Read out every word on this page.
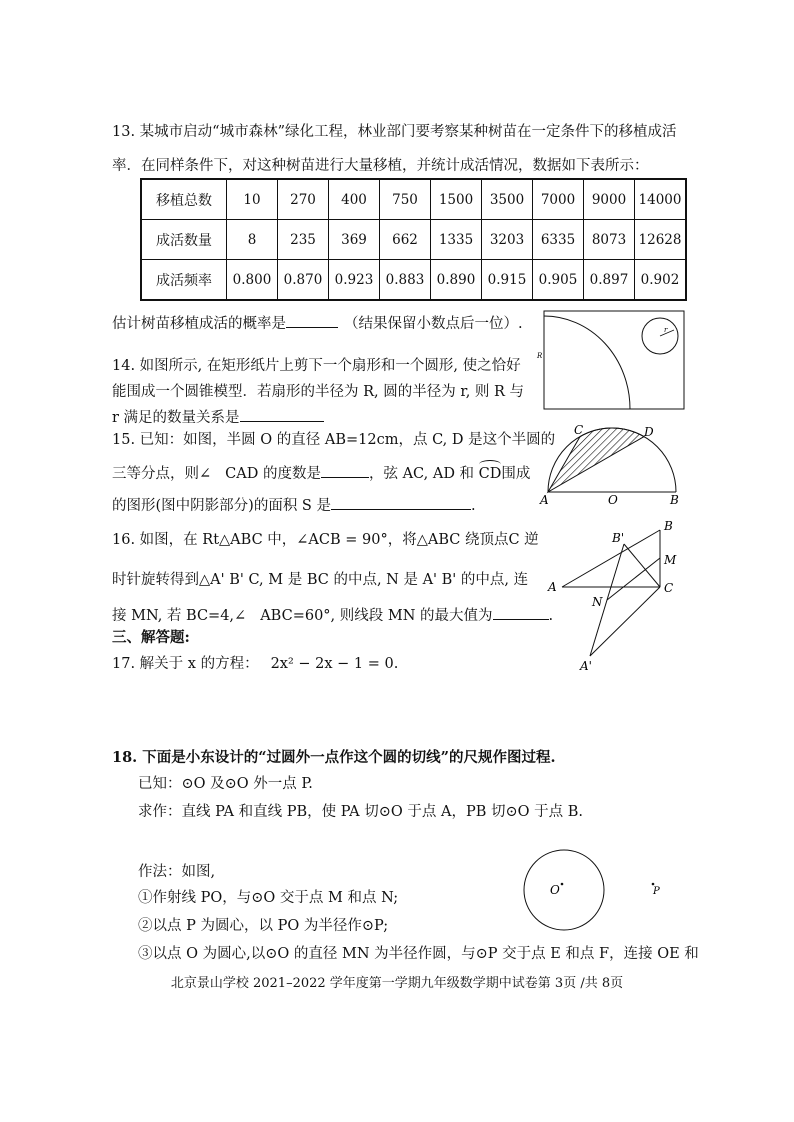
13. 某城市启动“城市森林”绿化工程，林业部门要考察某种树苗在一定条件下的移植成活
率．在同样条件下，对这种树苗进行大量移植，并统计成活情况，数据如下表所示：
移植总数	10	270	400	750	1500	3500	7000	9000	14000
成活数量	8	235	369	662	1335	3203	6335	8073	12628
成活频率	0.800	0.870	0.923	0.883	0.890	0.915	0.905	0.897	0.902
估计树苗移植成活的概率是	（结果保留小数点后一位）.	r
R
14. 如图所示, 在矩形纸片上剪下一个扇形和一个圆形, 使之恰好
能围成一个圆锥模型．若扇形的半径为 R, 圆的半径为 r, 则 R 与
r 满足的数量关系是
C	D
A	O	B
15. 已知：如图，半圆 O 的直径 AB=12cm，点 C, D 是这个半圆的
三等分点，则∠ CAD 的度数是	，弦 AC, AD 和 CD围成
的图形(图中阴影部分)的面积 S 是	.
B
B'
M
A	C
N
A'
16. 如图，在 Rt△ABC 中，∠ACB = 90°，将△ABC 绕顶点C 逆
时针旋转得到△A' B' C, M 是 BC 的中点, N 是 A' B' 的中点, 连
接 MN, 若 BC=4,∠ ABC=60°, 则线段 MN 的最大值为	.
三、解答题:
17. 解关于 x 的方程： 2x² − 2x − 1 = 0.
18. 下面是小东设计的“过圆外一点作这个圆的切线”的尺规作图过程.
已知：⊙O 及⊙O 外一点 P.
求作：直线 PA 和直线 PB，使 PA 切⊙O 于点 A，PB 切⊙O 于点 B.
作法：如图,
①作射线 PO，与⊙O 交于点 M 和点 N;
②以点 P 为圆心，以 PO 为半径作⊙P;
③以点 O 为圆心,以⊙O 的直径 MN 为半径作圆，与⊙P 交于点 E 和点 F，连接 OE 和
O	P
北京景山学校 2021–2022 学年度第一学期九年级数学期中试卷第 3页 /共 8页
